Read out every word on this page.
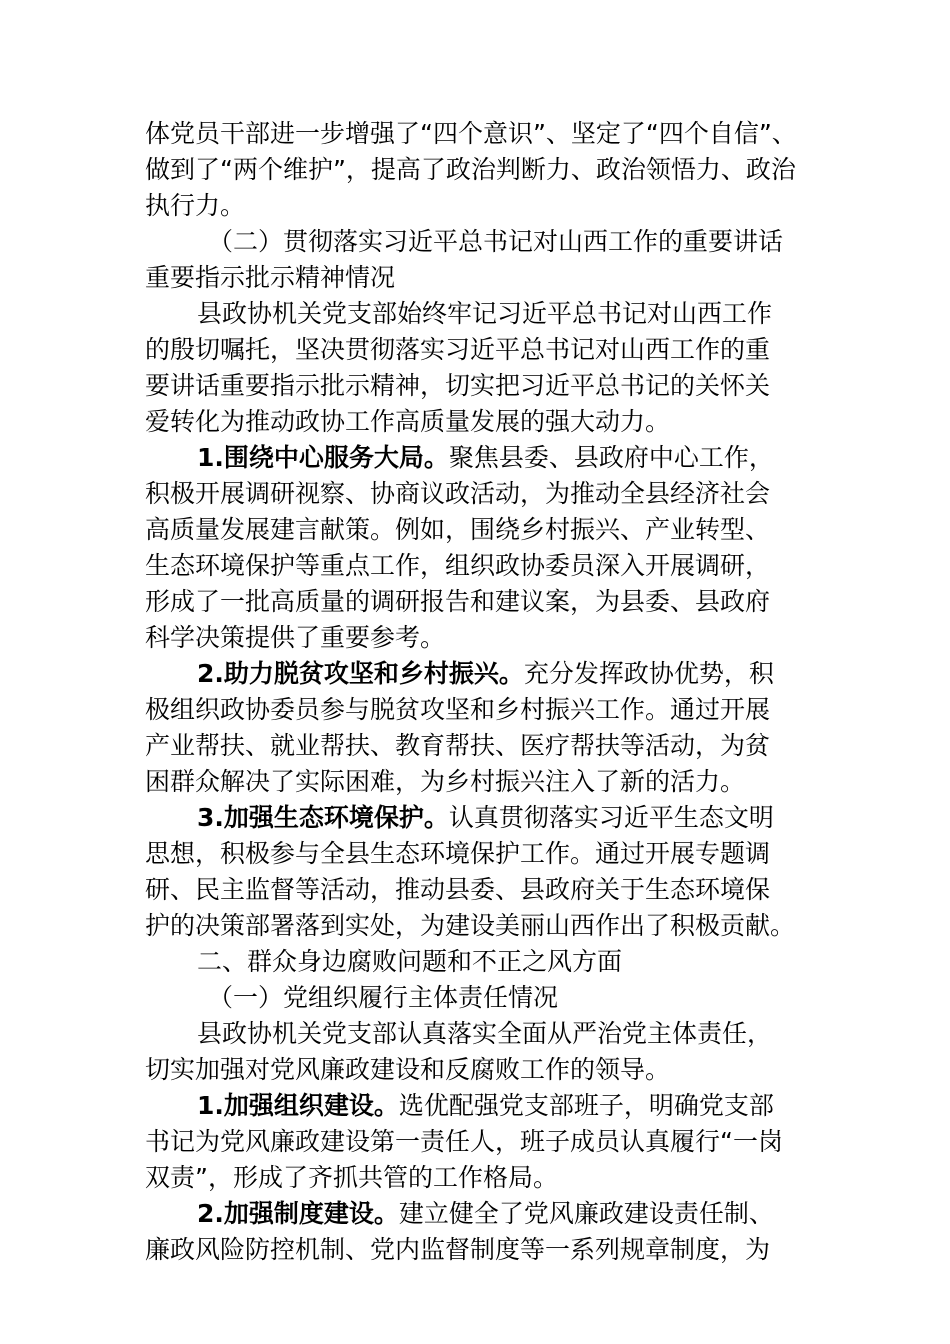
体党员干部进一步增强了“四个意识”、坚定了“四个自信”、
做到了“两个维护”，提高了政治判断力、政治领悟力、政治
执行力。
（二）贯彻落实习近平总书记对山西工作的重要讲话
重要指示批示精神情况
县政协机关党支部始终牢记习近平总书记对山西工作
的殷切嘱托，坚决贯彻落实习近平总书记对山西工作的重
要讲话重要指示批示精神，切实把习近平总书记的关怀关
爱转化为推动政协工作高质量发展的强大动力。
1.围绕中心服务大局。聚焦县委、县政府中心工作，
积极开展调研视察、协商议政活动，为推动全县经济社会
高质量发展建言献策。例如，围绕乡村振兴、产业转型、
生态环境保护等重点工作，组织政协委员深入开展调研，
形成了一批高质量的调研报告和建议案，为县委、县政府
科学决策提供了重要参考。
2.助力脱贫攻坚和乡村振兴。充分发挥政协优势，积
极组织政协委员参与脱贫攻坚和乡村振兴工作。通过开展
产业帮扶、就业帮扶、教育帮扶、医疗帮扶等活动，为贫
困群众解决了实际困难，为乡村振兴注入了新的活力。
3.加强生态环境保护。认真贯彻落实习近平生态文明
思想，积极参与全县生态环境保护工作。通过开展专题调
研、民主监督等活动，推动县委、县政府关于生态环境保
护的决策部署落到实处，为建设美丽山西作出了积极贡献。
二、群众身边腐败问题和不正之风方面
（一）党组织履行主体责任情况
县政协机关党支部认真落实全面从严治党主体责任，
切实加强对党风廉政建设和反腐败工作的领导。
1.加强组织建设。选优配强党支部班子，明确党支部
书记为党风廉政建设第一责任人，班子成员认真履行“一岗
双责”，形成了齐抓共管的工作格局。
2.加强制度建设。建立健全了党风廉政建设责任制、
廉政风险防控机制、党内监督制度等一系列规章制度，为
